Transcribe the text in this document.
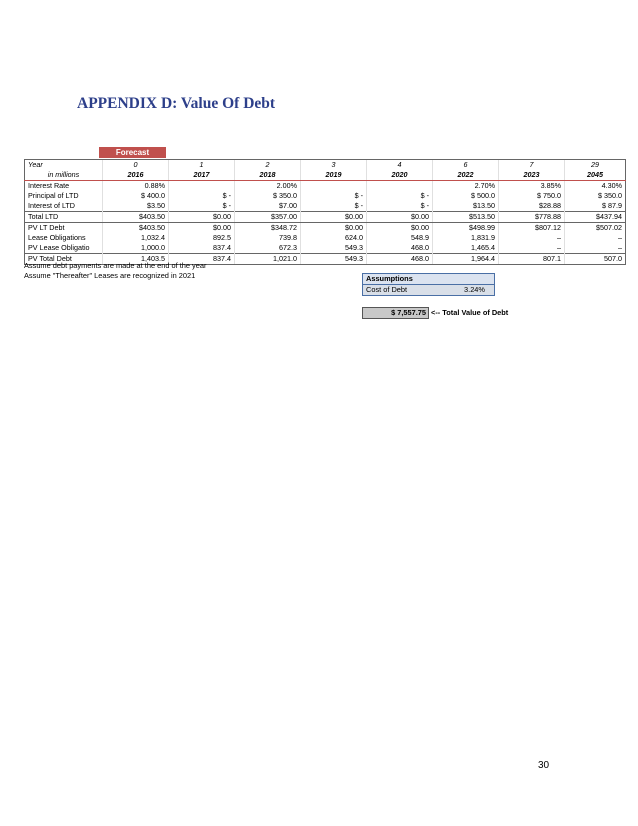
APPENDIX D: Value Of Debt
Forecast
Year	0	1	2	3	4	6	7	29
in millions	2016	2017	2018	2019	2020	2022	2023	2045
Interest Rate	0.88%		2.00%			2.70%	3.85%	4.30%
Principal of LTD	$ 400.0	$ -	$ 350.0	$ -	$ -	$ 500.0	$ 750.0	$ 350.0
Interest of LTD	$3.50	$ -	$7.00	$ -	$ -	$13.50	$28.88	$ 87.9
Total LTD	$403.50	$0.00	$357.00	$0.00	$0.00	$513.50	$778.88	$437.94
PV LT Debt	$403.50	$0.00	$348.72	$0.00	$0.00	$498.99	$807.12	$507.02
Lease Obligations	1,032.4	892.5	739.8	624.0	548.9	1,831.9	–	–
PV Lease Obligatio	1,000.0	837.4	672.3	549.3	468.0	1,465.4	–	–
PV Total Debt	1,403.5	837.4	1,021.0	549.3	468.0	1,964.4	807.1	507.0
Assume debt payments are made at the end of the year
Assume "Thereafter" Leases are recognized in 2021	Assumptions
Cost of Debt	3.24%
$ 7,557.75 <-- Total Value of Debt
30
